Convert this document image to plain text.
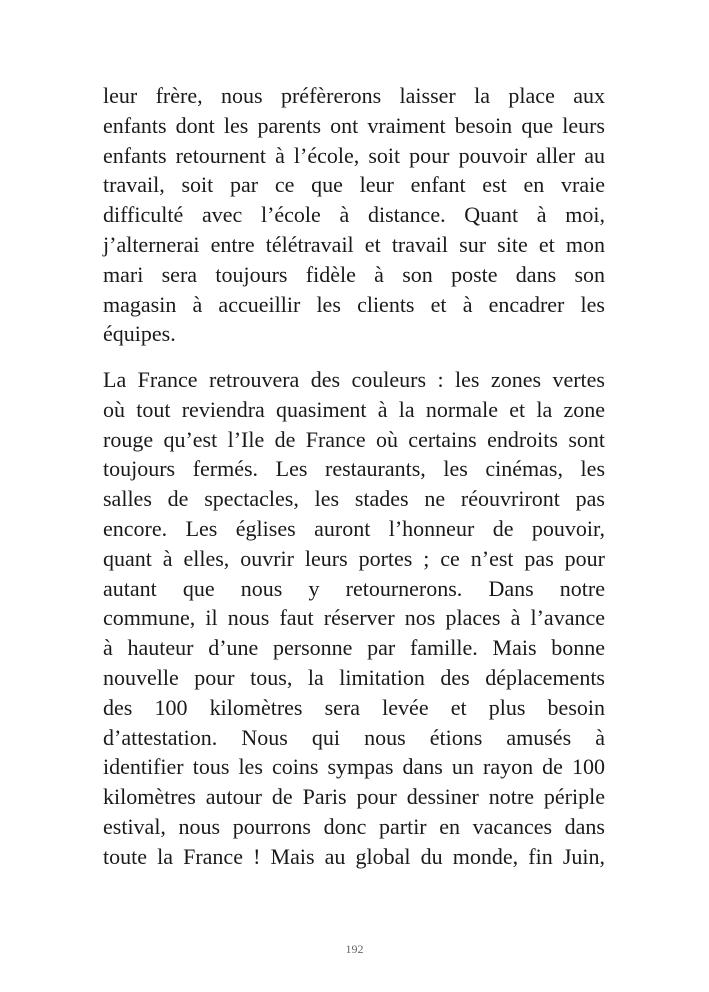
leur frère, nous préfèrerons laisser la place aux
enfants dont les parents ont vraiment besoin que leurs
enfants retournent à l’école, soit pour pouvoir aller au
travail, soit par ce que leur enfant est en vraie
difficulté avec l’école à distance. Quant à moi,
j’alternerai entre télétravail et travail sur site et mon
mari sera toujours fidèle à son poste dans son
magasin à accueillir les clients et à encadrer les
équipes.
La France retrouvera des couleurs : les zones vertes
où tout reviendra quasiment à la normale et la zone
rouge qu’est l’Ile de France où certains endroits sont
toujours fermés. Les restaurants, les cinémas, les
salles de spectacles, les stades ne réouvriront pas
encore. Les églises auront l’honneur de pouvoir,
quant à elles, ouvrir leurs portes ; ce n’est pas pour
autant que nous y retournerons. Dans notre
commune, il nous faut réserver nos places à l’avance
à hauteur d’une personne par famille. Mais bonne
nouvelle pour tous, la limitation des déplacements
des 100 kilomètres sera levée et plus besoin
d’attestation. Nous qui nous étions amusés à
identifier tous les coins sympas dans un rayon de 100
kilomètres autour de Paris pour dessiner notre périple
estival, nous pourrons donc partir en vacances dans
toute la France ! Mais au global du monde, fin Juin,
192
